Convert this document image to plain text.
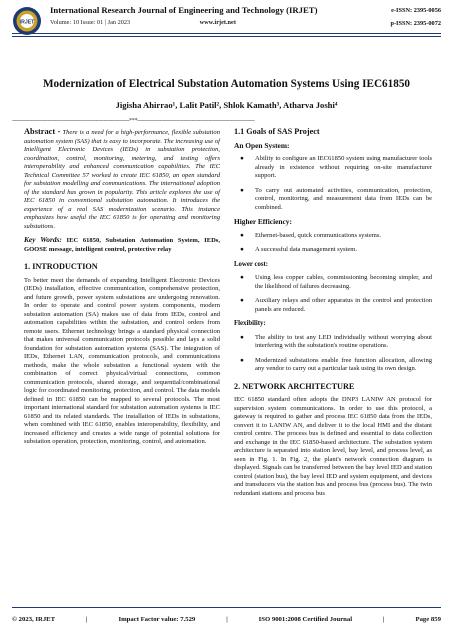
IRJET
International Research Journal of Engineering and Technology (IRJET)
Volume: 10 Issue: 01 | Jan 2023	www.irjet.net
e-ISSN: 2395-0056
p-ISSN: 2395-0072
Modernization of Electrical Substation Automation Systems Using IEC61850
Jigisha Ahirrao¹, Lalit Patil², Shlok Kamath³, Atharva Joshi⁴
---------------------------------------------------------------------***---------------------------------------------------------------------
Abstract - There is a need for a high-performance, flexible substation automation system (SAS) that is easy to incorporate. The increasing use of Intelligent Electronic Devices (IEDs) in substation protection, coordination, control, monitoring, metering, and testing offers interoperability and enhanced communication capabilities. The IEC Technical Committee 57 worked to create IEC 61850, an open standard for substation modelling and communications. The international adoption of the standard has grown in popularity. This article explores the use of IEC 61850 in conventional substation automation. It introduces the experience of a real SAS modernization scenario. This instance emphasizes how useful the IEC 61850 is for operating and monitoring substations.
Key Words: IEC 61850, Substation Automation System, IEDs, GOOSE message, intelligent control, protective relay
1. INTRODUCTION
To better meet the demands of expanding Intelligent Electronic Devices (IEDs) installation, effective communication, comprehensive protection, and future growth, power system substations are undergoing renovation. In order to operate and control power system components, modern substation automation (SA) makes use of data from IEDs, control and automation capabilities within the substation, and control orders from remote users. Ethernet technology brings a standard physical connection that makes universal communication protocols possible and lays a solid foundation for substation automation systems (SAS). The integration of IEDs, Ethernet LAN, communication protocols, and communications methods, make the whole substation a functional system with the combination of correct physical/virtual connections, common communication protocols, shared storage, and sequential/combinational logic for coordinated monitoring, protection, and control. The data models defined in IEC 61850 can be mapped to several protocols. The most important international standard for substation automation systems is IEC 61850 and its related standards. The installation of IEDs in substations, when combined with IEC 61850, enables interoperability, flexibility, and increased efficiency and creates a wide range of potential solutions for substation operation, protection, monitoring, control, and automation.
1.1 Goals of SAS Project
An Open System:
● Ability to configure an IEC61850 system using manufacturer tools already in existence without requiring on-site manufacturer support.
● To carry out automated activities, communication, protection, control, monitoring, and measurement data from IEDs can be combined.
Higher Efficiency:
● Ethernet-based, quick communications systems.
● A successful data management system.
Lower cost:
● Using less copper cables, commissioning becoming simpler, and the likelihood of failures decreasing.
● Auxiliary relays and other apparatus in the control and protection panels are reduced.
Flexibility:
● The ability to test any LED individually without worrying about interfering with the substation's routine operations.
● Modernized substations enable free function allocation, allowing any vendor to carry out a particular task using its own design.
2. NETWORK ARCHITECTURE
IEC 61850 standard often adopts the DNP3 LANIW AN protocol for supervision system communications. In order to use this protocol, a gateway is required to gather and process IEC 61850 data from the IEDs, convert it to LANIW AN, and deliver it to the local HMI and the distant control centre. The process bus is defined and essential to data collection and exchange in the IEC 61850-based architecture. The substation system architecture is separated into station level, bay level, and process level, as seen in Fig. 1. In Fig. 2, the plant's network connection diagram is displayed. Signals can be transferred between the bay level IED and station control (station bus), the bay level IED and system equipment, and devices and transducers via the station bus and process bus (process bus). The twin redundant stations and process bus
© 2023, IRJET	|	Impact Factor value: 7.529	|	ISO 9001:2008 Certified Journal	|	Page 859
